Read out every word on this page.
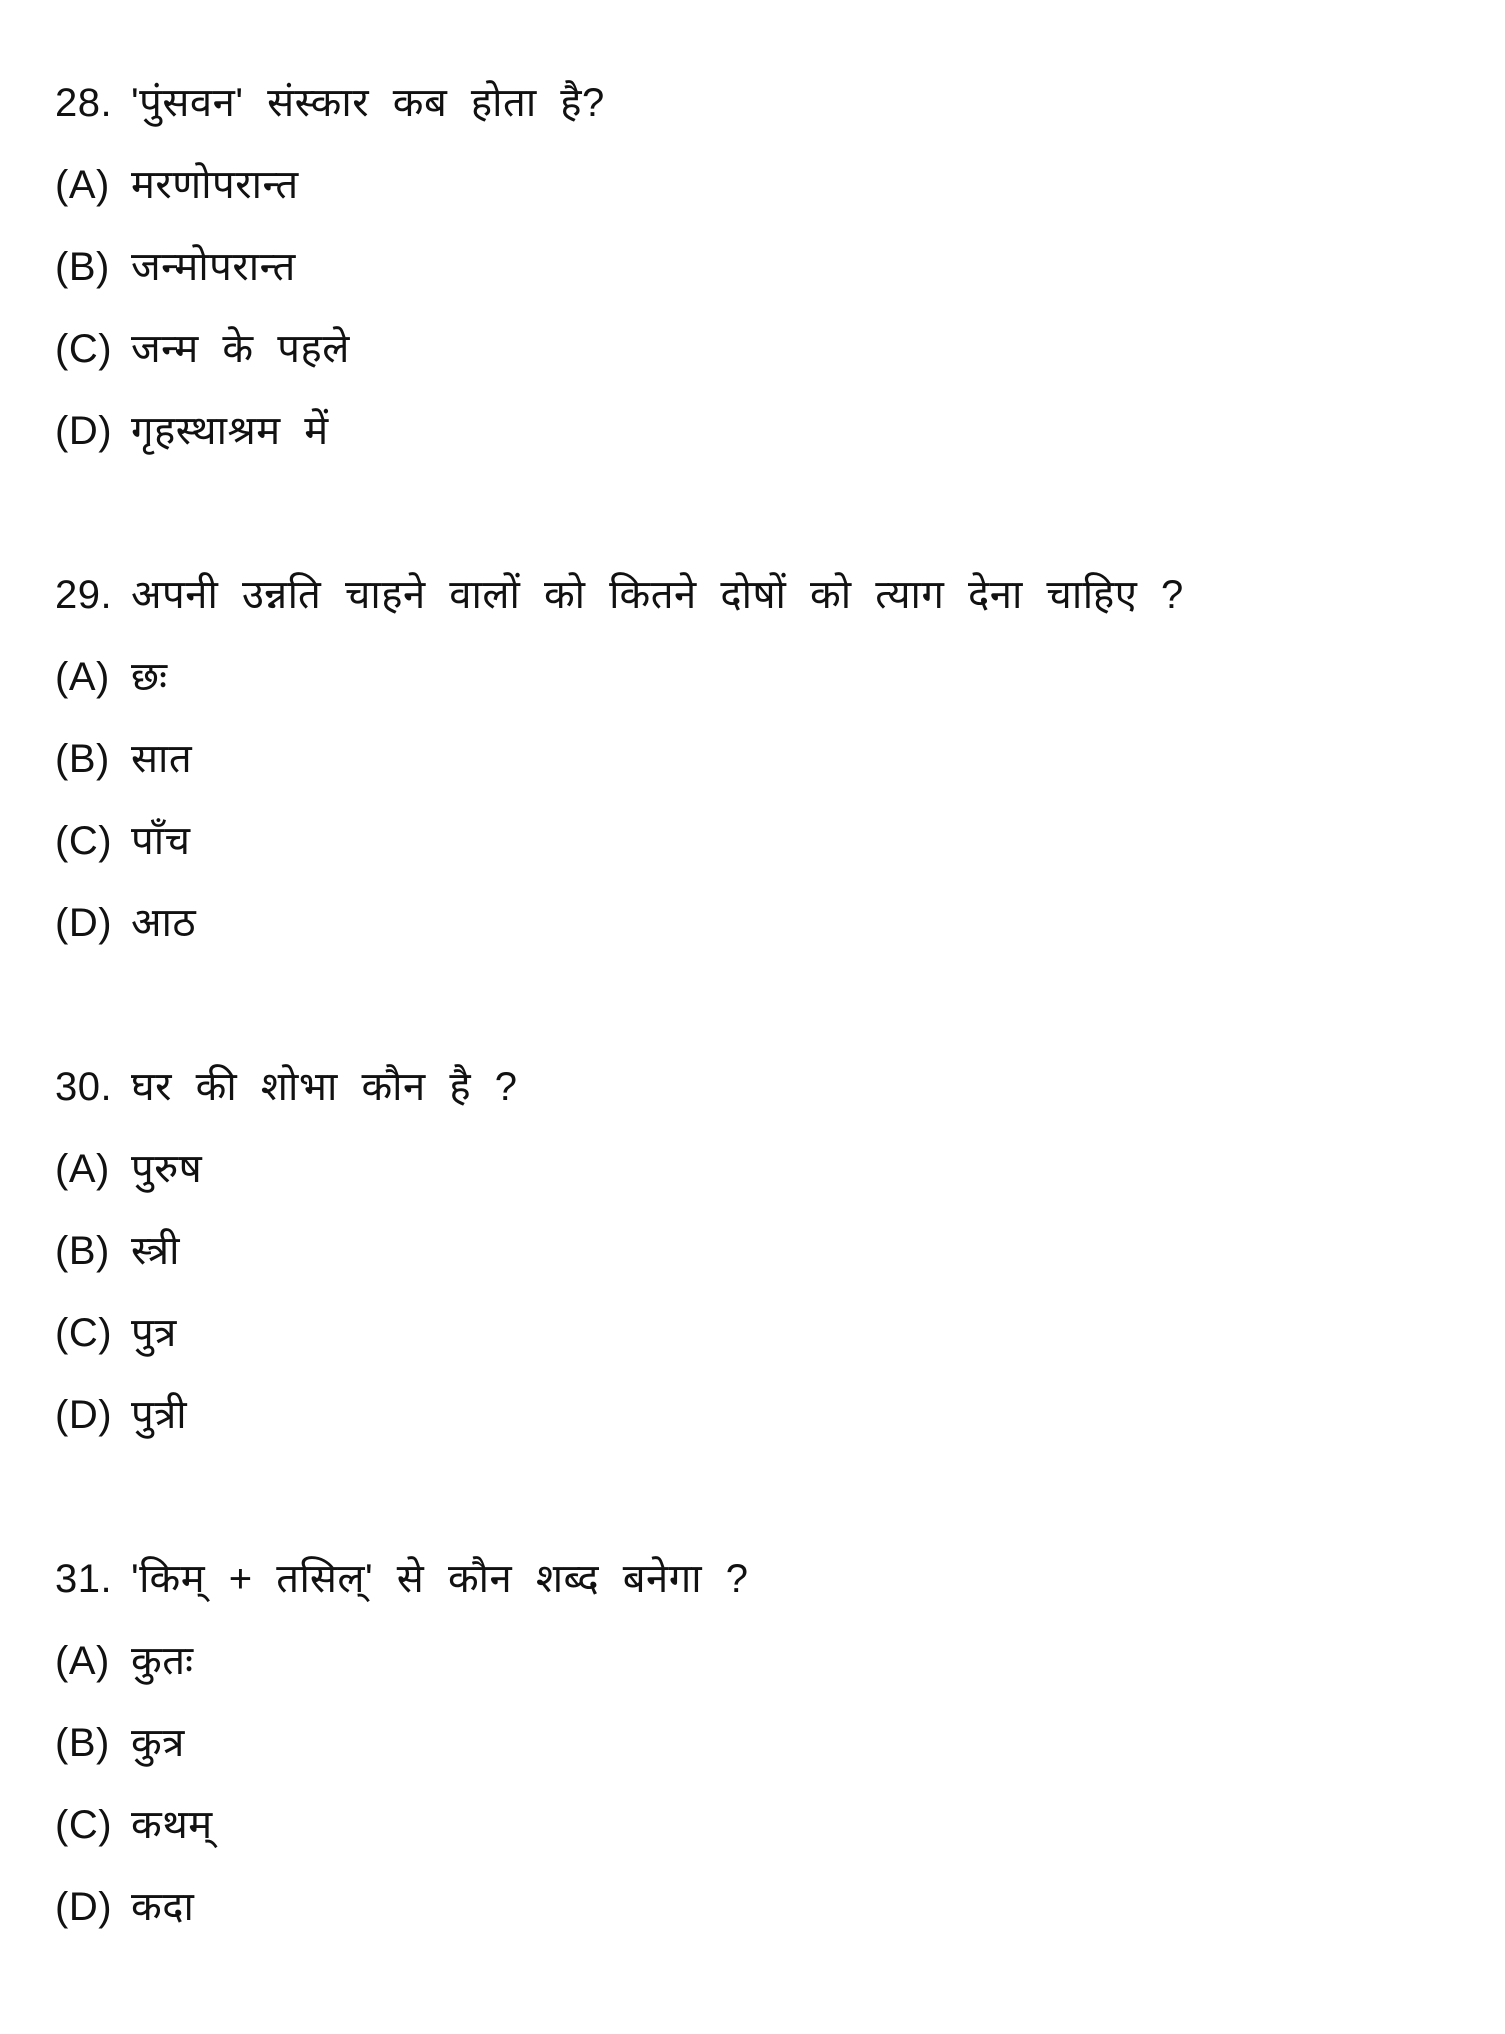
28. 'पुंसवन' संस्कार कब होता है?
(A) मरणोपरान्त
(B) जन्मोपरान्त
(C) जन्म के पहले
(D) गृहस्थाश्रम में
29. अपनी उन्नति चाहने वालों को कितने दोषों को त्याग देना चाहिए ?
(A) छः
(B) सात
(C) पाँच
(D) आठ
30. घर की शोभा कौन है ?
(A) पुरुष
(B) स्त्री
(C) पुत्र
(D) पुत्री
31. 'किम् + तसिल्' से कौन शब्द बनेगा ?
(A) कुतः
(B) कुत्र
(C) कथम्
(D) कदा
